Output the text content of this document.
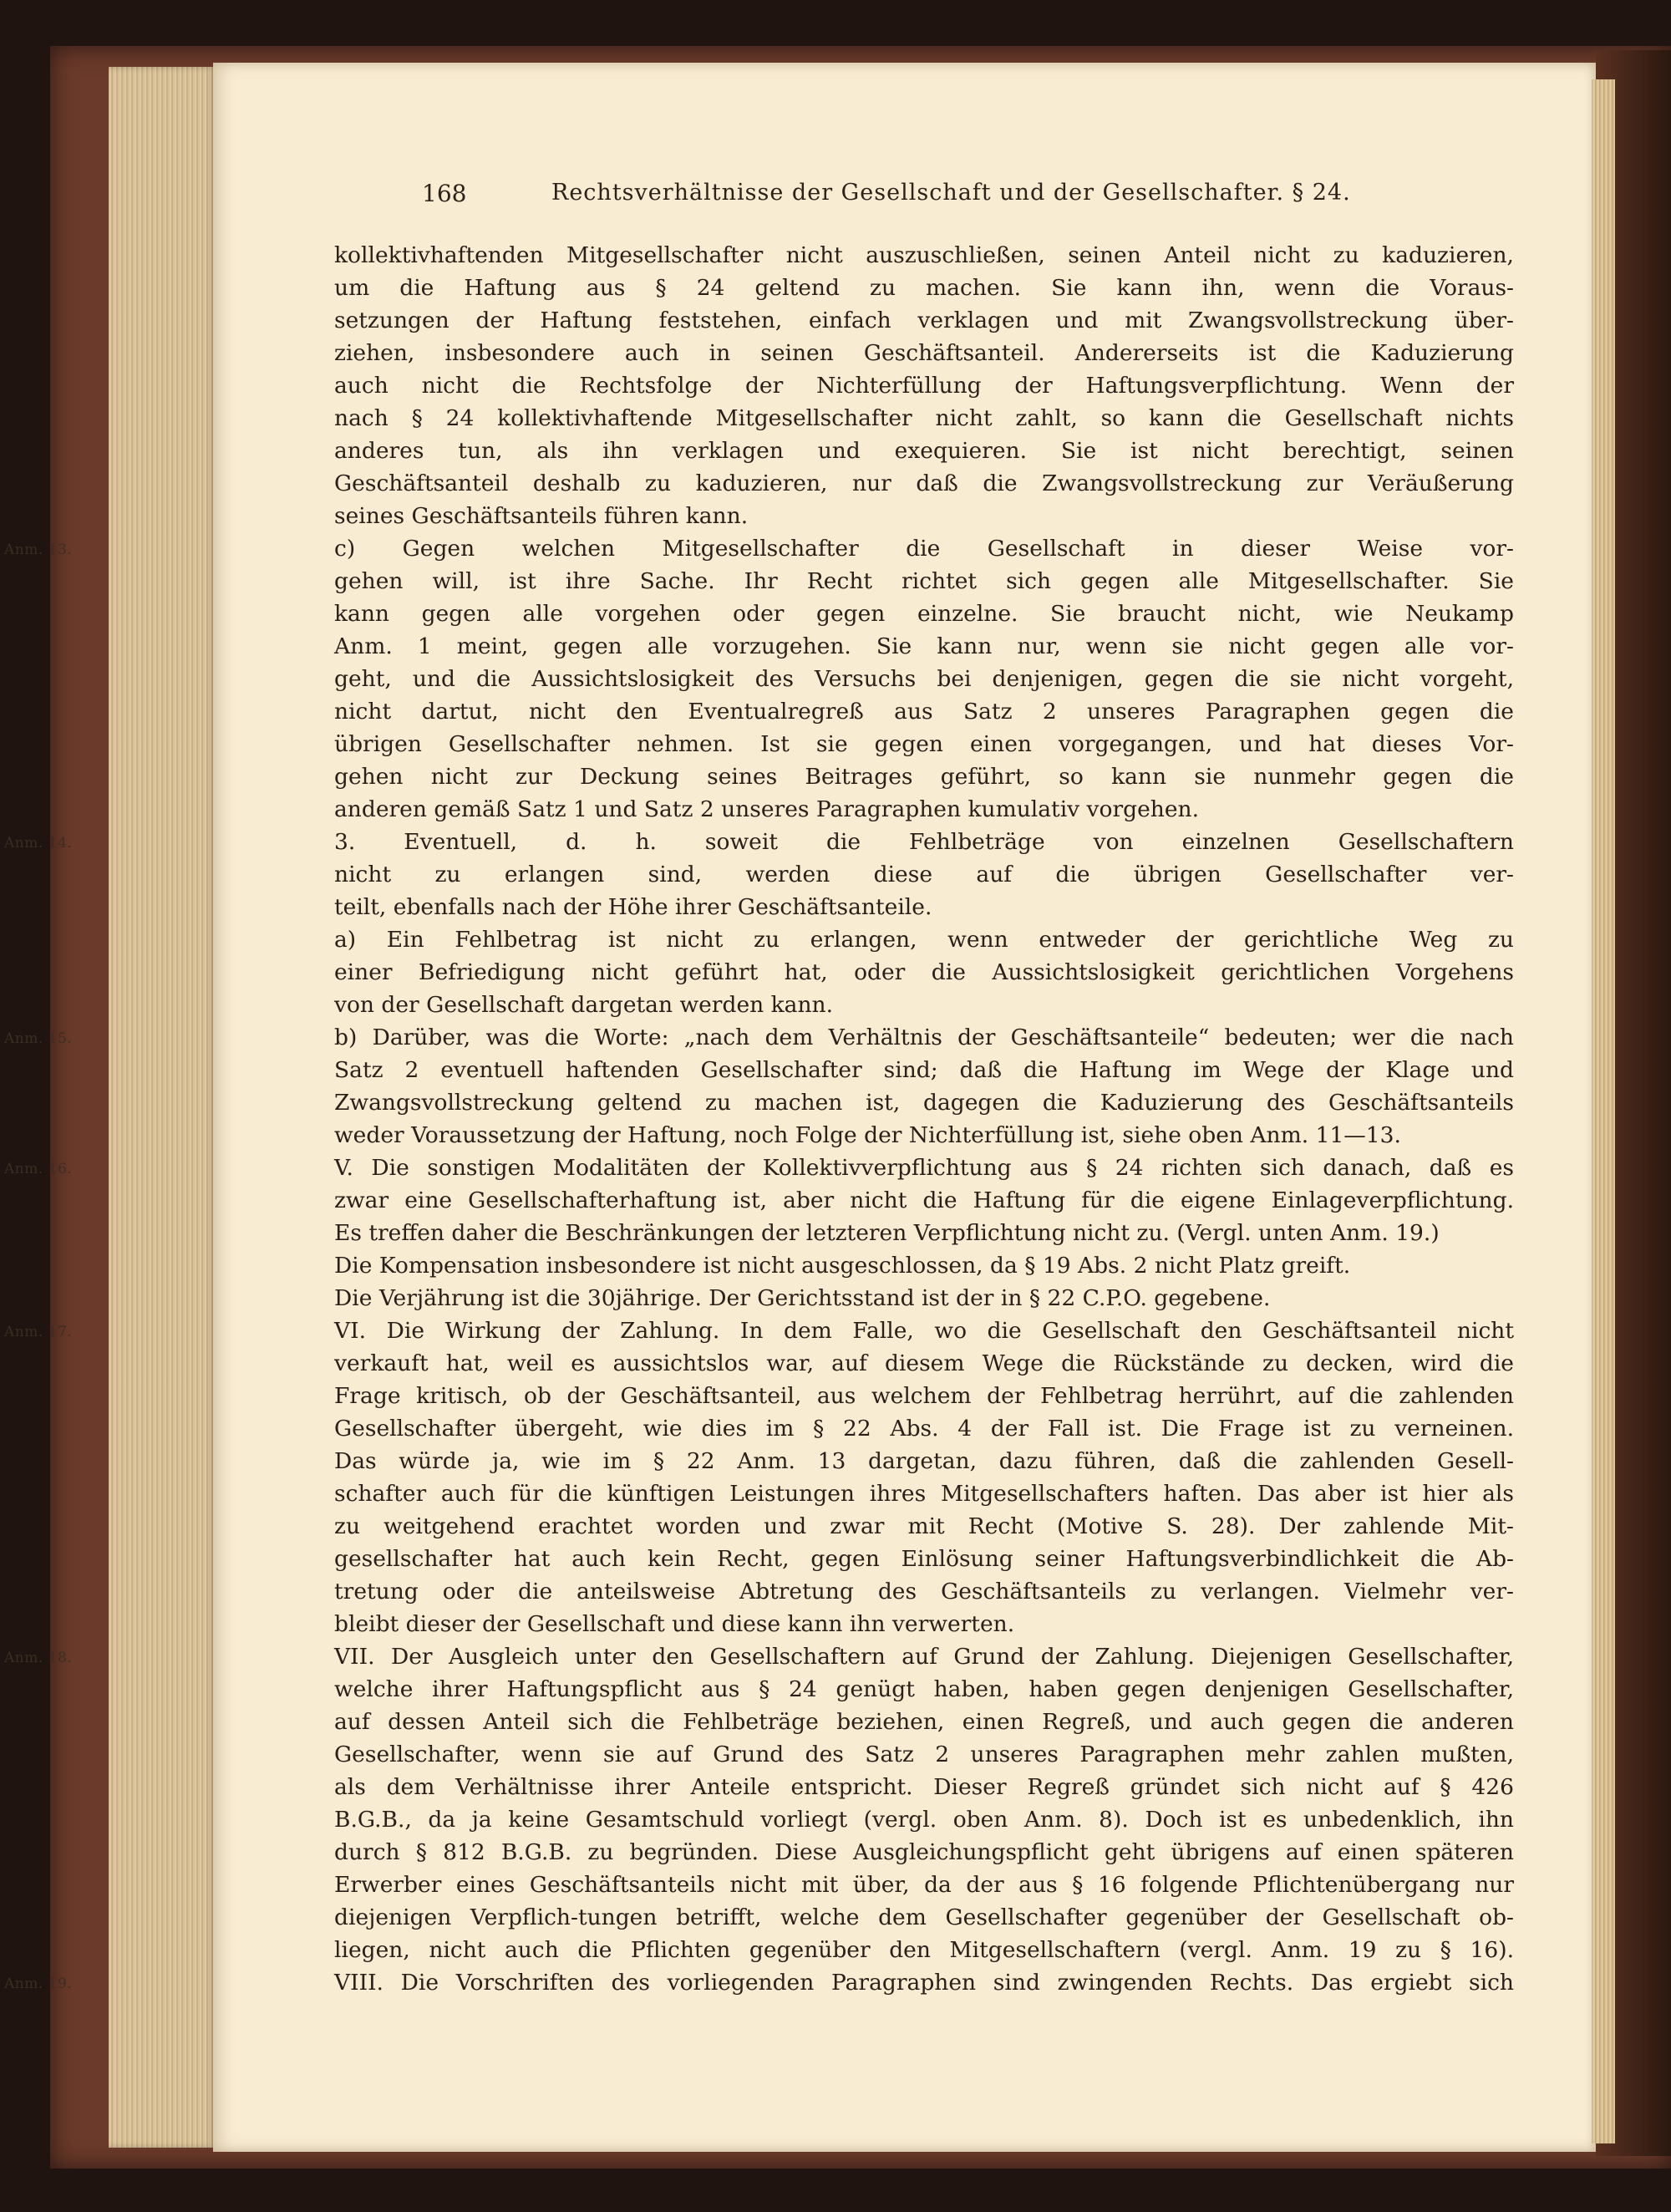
168	Rechtsverhältnisse der Gesellschaft und der Gesellschafter. § 24.
kollektivhaftenden Mitgesellschafter nicht auszuschließen, seinen Anteil nicht zu kaduzieren,
um die Haftung aus § 24 geltend zu machen. Sie kann ihn, wenn die Voraus-
setzungen der Haftung feststehen, einfach verklagen und mit Zwangsvollstreckung über-
ziehen, insbesondere auch in seinen Geschäftsanteil. Andererseits ist die Kaduzierung
auch nicht die Rechtsfolge der Nichterfüllung der Haftungsverpflichtung. Wenn der
nach § 24 kollektivhaftende Mitgesellschafter nicht zahlt, so kann die Gesellschaft nichts
anderes tun, als ihn verklagen und exequieren. Sie ist nicht berechtigt, seinen
Geschäftsanteil deshalb zu kaduzieren, nur daß die Zwangsvollstreckung zur Veräußerung
seines Geschäftsanteils führen kann.
Anm. 13.	c) Gegen welchen Mitgesellschafter die Gesellschaft in dieser Weise vor-
gehen will, ist ihre Sache. Ihr Recht richtet sich gegen alle Mitgesellschafter. Sie
kann gegen alle vorgehen oder gegen einzelne. Sie braucht nicht, wie Neukamp
Anm. 1 meint, gegen alle vorzugehen. Sie kann nur, wenn sie nicht gegen alle vor-
geht, und die Aussichtslosigkeit des Versuchs bei denjenigen, gegen die sie nicht vorgeht,
nicht dartut, nicht den Eventualregreß aus Satz 2 unseres Paragraphen gegen die
übrigen Gesellschafter nehmen. Ist sie gegen einen vorgegangen, und hat dieses Vor-
gehen nicht zur Deckung seines Beitrages geführt, so kann sie nunmehr gegen die
anderen gemäß Satz 1 und Satz 2 unseres Paragraphen kumulativ vorgehen.
Anm. 14.	3. Eventuell, d. h. soweit die Fehlbeträge von einzelnen Gesellschaftern
nicht zu erlangen sind, werden diese auf die übrigen Gesellschafter ver-
teilt, ebenfalls nach der Höhe ihrer Geschäftsanteile.
a) Ein Fehlbetrag ist nicht zu erlangen, wenn entweder der gerichtliche Weg zu
einer Befriedigung nicht geführt hat, oder die Aussichtslosigkeit gerichtlichen Vorgehens
von der Gesellschaft dargetan werden kann.
Anm. 15.	b) Darüber, was die Worte: „nach dem Verhältnis der Geschäftsanteile“ bedeuten; wer die nach
Satz 2 eventuell haftenden Gesellschafter sind; daß die Haftung im Wege der Klage und
Zwangsvollstreckung geltend zu machen ist, dagegen die Kaduzierung des Geschäftsanteils
weder Voraussetzung der Haftung, noch Folge der Nichterfüllung ist, siehe oben Anm. 11—13.
Anm. 16.	V. Die sonstigen Modalitäten der Kollektivverpflichtung aus § 24 richten sich danach, daß es
zwar eine Gesellschafterhaftung ist, aber nicht die Haftung für die eigene Einlageverpflichtung.
Es treffen daher die Beschränkungen der letzteren Verpflichtung nicht zu. (Vergl. unten Anm. 19.)
Die Kompensation insbesondere ist nicht ausgeschlossen, da § 19 Abs. 2 nicht Platz greift.
Die Verjährung ist die 30jährige. Der Gerichtsstand ist der in § 22 C.P.O. gegebene.
Anm. 17.	VI. Die Wirkung der Zahlung. In dem Falle, wo die Gesellschaft den Geschäftsanteil nicht
verkauft hat, weil es aussichtslos war, auf diesem Wege die Rückstände zu decken, wird die
Frage kritisch, ob der Geschäftsanteil, aus welchem der Fehlbetrag herrührt, auf die zahlenden
Gesellschafter übergeht, wie dies im § 22 Abs. 4 der Fall ist. Die Frage ist zu verneinen.
Das würde ja, wie im § 22 Anm. 13 dargetan, dazu führen, daß die zahlenden Gesell-
schafter auch für die künftigen Leistungen ihres Mitgesellschafters haften. Das aber ist hier als
zu weitgehend erachtet worden und zwar mit Recht (Motive S. 28). Der zahlende Mit-
gesellschafter hat auch kein Recht, gegen Einlösung seiner Haftungsverbindlichkeit die Ab-
tretung oder die anteilsweise Abtretung des Geschäftsanteils zu verlangen. Vielmehr ver-
bleibt dieser der Gesellschaft und diese kann ihn verwerten.
Anm. 18.	VII. Der Ausgleich unter den Gesellschaftern auf Grund der Zahlung. Diejenigen Gesellschafter,
welche ihrer Haftungspflicht aus § 24 genügt haben, haben gegen denjenigen Gesellschafter,
auf dessen Anteil sich die Fehlbeträge beziehen, einen Regreß, und auch gegen die anderen
Gesellschafter, wenn sie auf Grund des Satz 2 unseres Paragraphen mehr zahlen mußten,
als dem Verhältnisse ihrer Anteile entspricht. Dieser Regreß gründet sich nicht auf § 426
B.G.B., da ja keine Gesamtschuld vorliegt (vergl. oben Anm. 8). Doch ist es unbedenklich, ihn
durch § 812 B.G.B. zu begründen. Diese Ausgleichungspflicht geht übrigens auf einen späteren
Erwerber eines Geschäftsanteils nicht mit über, da der aus § 16 folgende Pflichtenübergang nur
diejenigen Verpflich-tungen betrifft, welche dem Gesellschafter gegenüber der Gesellschaft ob-
liegen, nicht auch die Pflichten gegenüber den Mitgesellschaftern (vergl. Anm. 19 zu § 16).
Anm. 19.	VIII. Die Vorschriften des vorliegenden Paragraphen sind zwingenden Rechts. Das ergiebt sich
